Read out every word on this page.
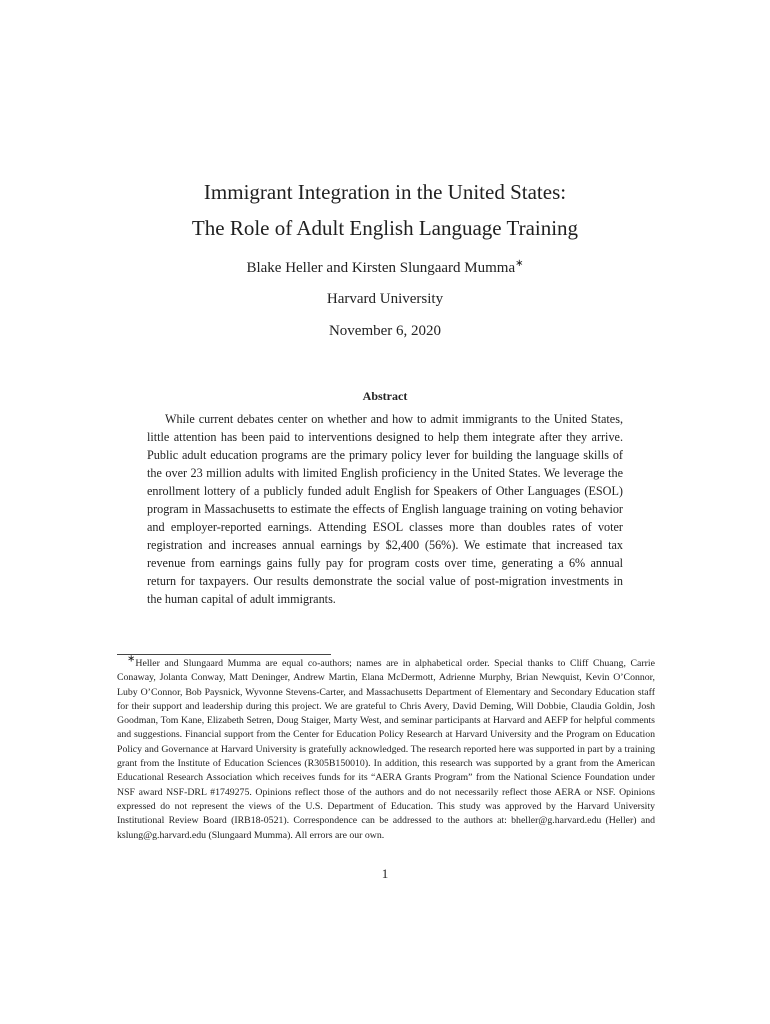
Immigrant Integration in the United States:
The Role of Adult English Language Training
Blake Heller and Kirsten Slungaard Mumma∗
Harvard University
November 6, 2020
Abstract
While current debates center on whether and how to admit immigrants to the United States, little attention has been paid to interventions designed to help them integrate after they arrive. Public adult education programs are the primary policy lever for building the language skills of the over 23 million adults with limited English proficiency in the United States. We leverage the enrollment lottery of a publicly funded adult English for Speakers of Other Languages (ESOL) program in Massachusetts to estimate the effects of English language training on voting behavior and employer-reported earnings. Attending ESOL classes more than doubles rates of voter registration and increases annual earnings by $2,400 (56%). We estimate that increased tax revenue from earnings gains fully pay for program costs over time, generating a 6% annual return for taxpayers. Our results demonstrate the social value of post-migration investments in the human capital of adult immigrants.
∗Heller and Slungaard Mumma are equal co-authors; names are in alphabetical order. Special thanks to Cliff Chuang, Carrie Conaway, Jolanta Conway, Matt Deninger, Andrew Martin, Elana McDermott, Adrienne Murphy, Brian Newquist, Kevin O’Connor, Luby O’Connor, Bob Paysnick, Wyvonne Stevens-Carter, and Massachusetts Department of Elementary and Secondary Education staff for their support and leadership during this project. We are grateful to Chris Avery, David Deming, Will Dobbie, Claudia Goldin, Josh Goodman, Tom Kane, Elizabeth Setren, Doug Staiger, Marty West, and seminar participants at Harvard and AEFP for helpful comments and suggestions. Financial support from the Center for Education Policy Research at Harvard University and the Program on Education Policy and Governance at Harvard University is gratefully acknowledged. The research reported here was supported in part by a training grant from the Institute of Education Sciences (R305B150010). In addition, this research was supported by a grant from the American Educational Research Association which receives funds for its “AERA Grants Program” from the National Science Foundation under NSF award NSF-DRL #1749275. Opinions reflect those of the authors and do not necessarily reflect those AERA or NSF. Opinions expressed do not represent the views of the U.S. Department of Education. This study was approved by the Harvard University Institutional Review Board (IRB18-0521). Correspondence can be addressed to the authors at: bheller@g.harvard.edu (Heller) and kslung@g.harvard.edu (Slungaard Mumma). All errors are our own.
1
